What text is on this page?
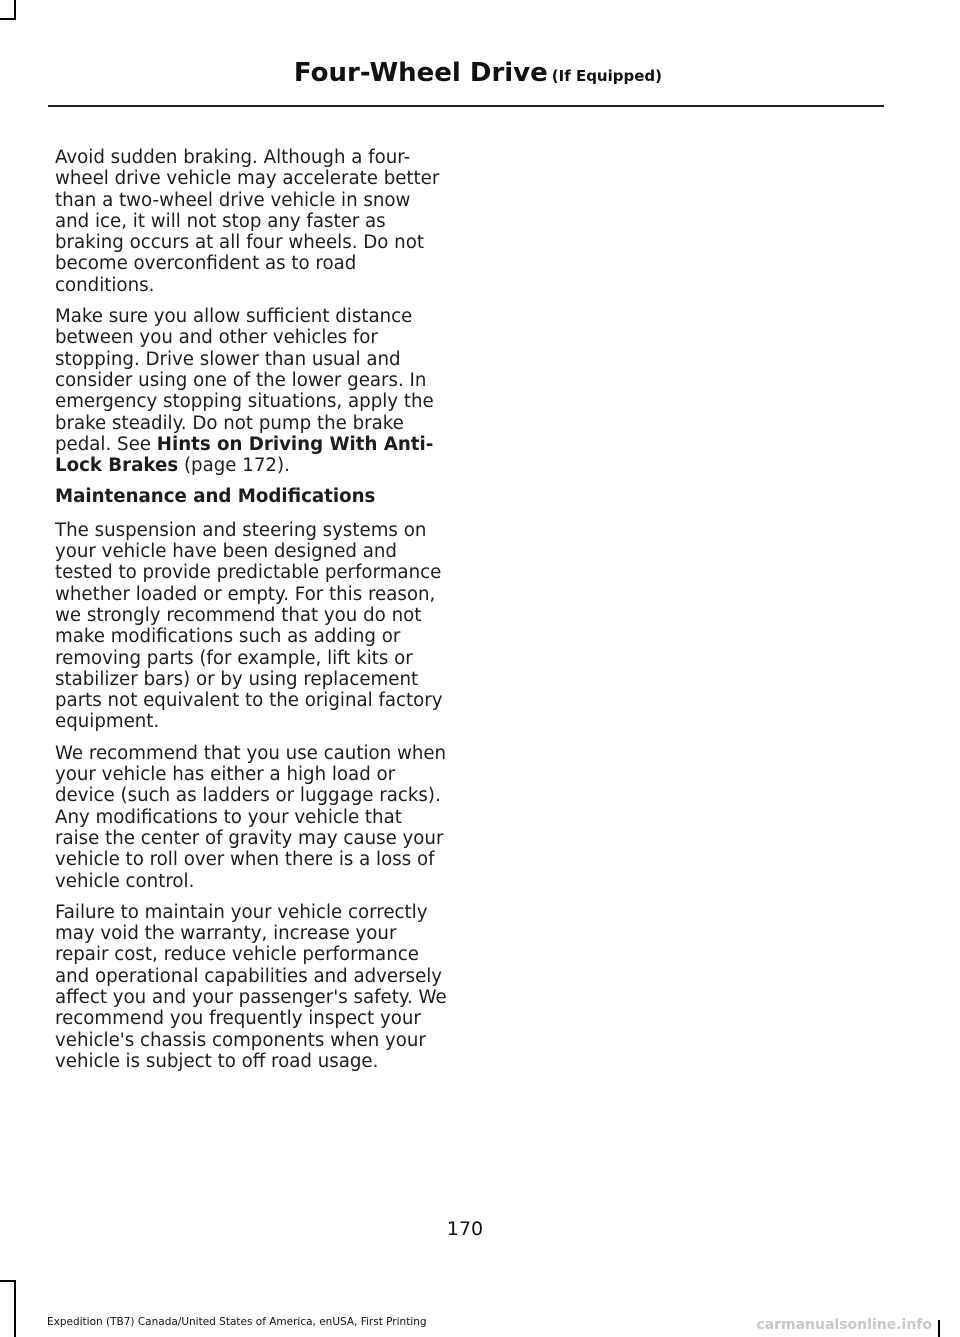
Four-Wheel Drive (If Equipped)

Avoid sudden braking. Although a four-wheel drive vehicle may accelerate better than a two-wheel drive vehicle in snow and ice, it will not stop any faster as braking occurs at all four wheels. Do not become overconfident as to road conditions.

Make sure you allow sufficient distance between you and other vehicles for stopping. Drive slower than usual and consider using one of the lower gears. In emergency stopping situations, apply the brake steadily. Do not pump the brake pedal. See Hints on Driving With Anti-Lock Brakes (page 172).

Maintenance and Modifications

The suspension and steering systems on your vehicle have been designed and tested to provide predictable performance whether loaded or empty. For this reason, we strongly recommend that you do not make modifications such as adding or removing parts (for example, lift kits or stabilizer bars) or by using replacement parts not equivalent to the original factory equipment.

We recommend that you use caution when your vehicle has either a high load or device (such as ladders or luggage racks). Any modifications to your vehicle that raise the center of gravity may cause your vehicle to roll over when there is a loss of vehicle control.

Failure to maintain your vehicle correctly may void the warranty, increase your repair cost, reduce vehicle performance and operational capabilities and adversely affect you and your passenger's safety. We recommend you frequently inspect your vehicle's chassis components when your vehicle is subject to off road usage.

170
Expedition (TB7) Canada/United States of America, enUSA, First Printing	carmanualsonline.info
